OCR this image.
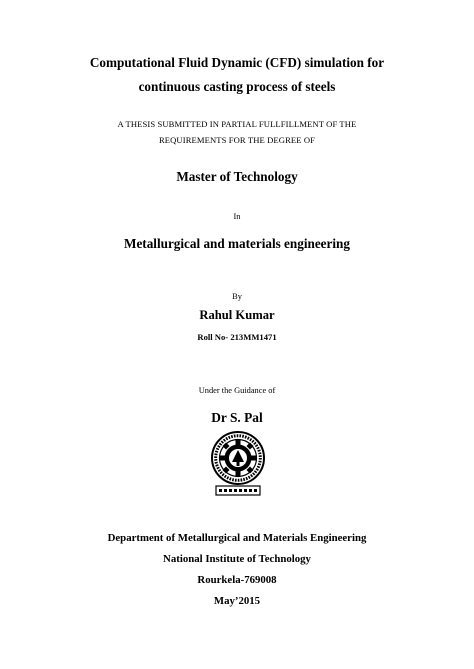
Computational Fluid Dynamic (CFD) simulation for
continuous casting process of steels
A THESIS SUBMITTED IN PARTIAL FULLFILLMENT OF THE
REQUIREMENTS FOR THE DEGREE OF
Master of Technology
In
Metallurgical and materials engineering
By
Rahul Kumar
Roll No- 213MM1471
Under the Guidance of
Dr S. Pal
Department of Metallurgical and Materials Engineering
National Institute of Technology
Rourkela-769008
May’2015
